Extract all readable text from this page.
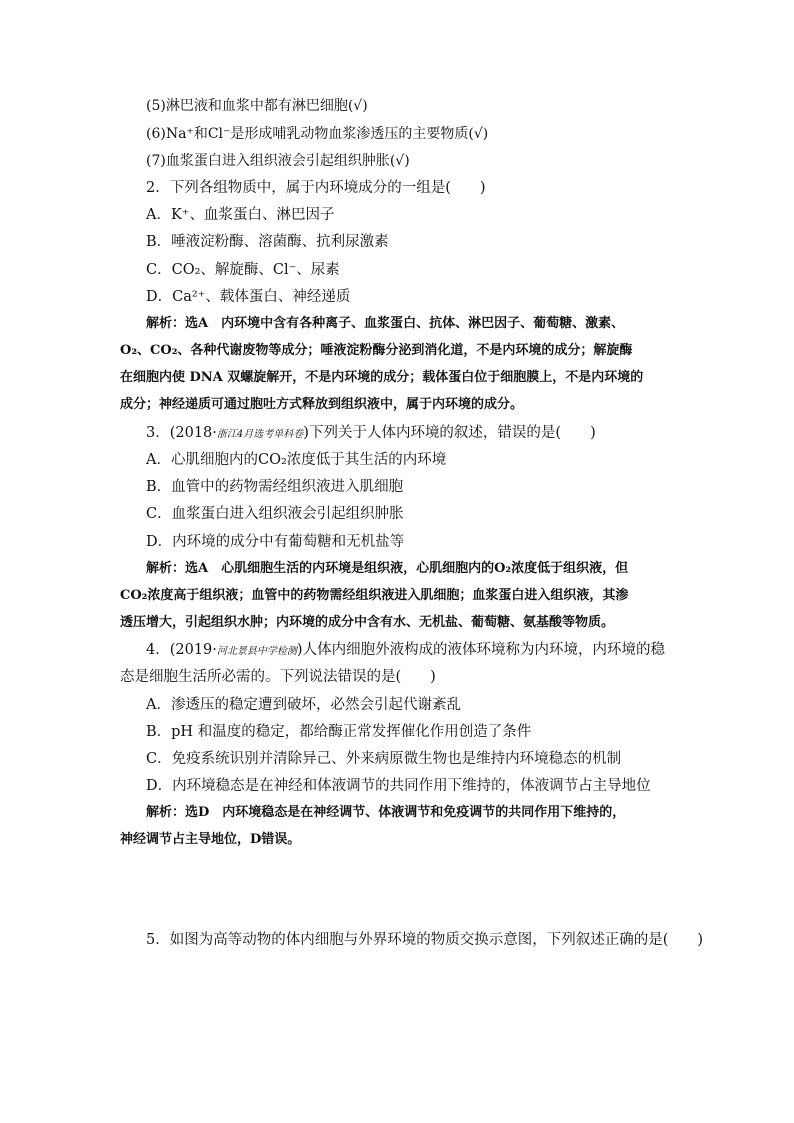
(5)淋巴液和血浆中都有淋巴细胞(√)
(6)Na⁺和Cl⁻是形成哺乳动物血浆渗透压的主要物质(√)
(7)血浆蛋白进入组织液会引起组织肿胀(√)
2．下列各组物质中，属于内环境成分的一组是(　　)
A．K⁺、血浆蛋白、淋巴因子
B．唾液淀粉酶、溶菌酶、抗利尿激素
C．CO₂、解旋酶、Cl⁻、尿素
D．Ca²⁺、载体蛋白、神经递质
解析：选A　内环境中含有各种离子、血浆蛋白、抗体、淋巴因子、葡萄糖、激素、
O₂、CO₂、各种代谢废物等成分；唾液淀粉酶分泌到消化道，不是内环境的成分；解旋酶
在细胞内使 DNA 双螺旋解开，不是内环境的成分；载体蛋白位于细胞膜上，不是内环境的
成分；神经递质可通过胞吐方式释放到组织液中，属于内环境的成分。
3．(2018·浙江4月选考单科卷)下列关于人体内环境的叙述，错误的是(　　)
A．心肌细胞内的CO₂浓度低于其生活的内环境
B．血管中的药物需经组织液进入肌细胞
C．血浆蛋白进入组织液会引起组织肿胀
D．内环境的成分中有葡萄糖和无机盐等
解析：选A　心肌细胞生活的内环境是组织液，心肌细胞内的O₂浓度低于组织液，但
CO₂浓度高于组织液；血管中的药物需经组织液进入肌细胞；血浆蛋白进入组织液，其渗
透压增大，引起组织水肿；内环境的成分中含有水、无机盐、葡萄糖、氨基酸等物质。
4．(2019·河北景县中学检测)人体内细胞外液构成的液体环境称为内环境，内环境的稳
态是细胞生活所必需的。下列说法错误的是(　　)
A．渗透压的稳定遭到破坏，必然会引起代谢紊乱
B．pH 和温度的稳定，都给酶正常发挥催化作用创造了条件
C．免疫系统识别并清除异己、外来病原微生物也是维持内环境稳态的机制
D．内环境稳态是在神经和体液调节的共同作用下维持的，体液调节占主导地位
解析：选D　内环境稳态是在神经调节、体液调节和免疫调节的共同作用下维持的，
神经调节占主导地位，D错误。
5．如图为高等动物的体内细胞与外界环境的物质交换示意图，下列叙述正确的是(　　)
